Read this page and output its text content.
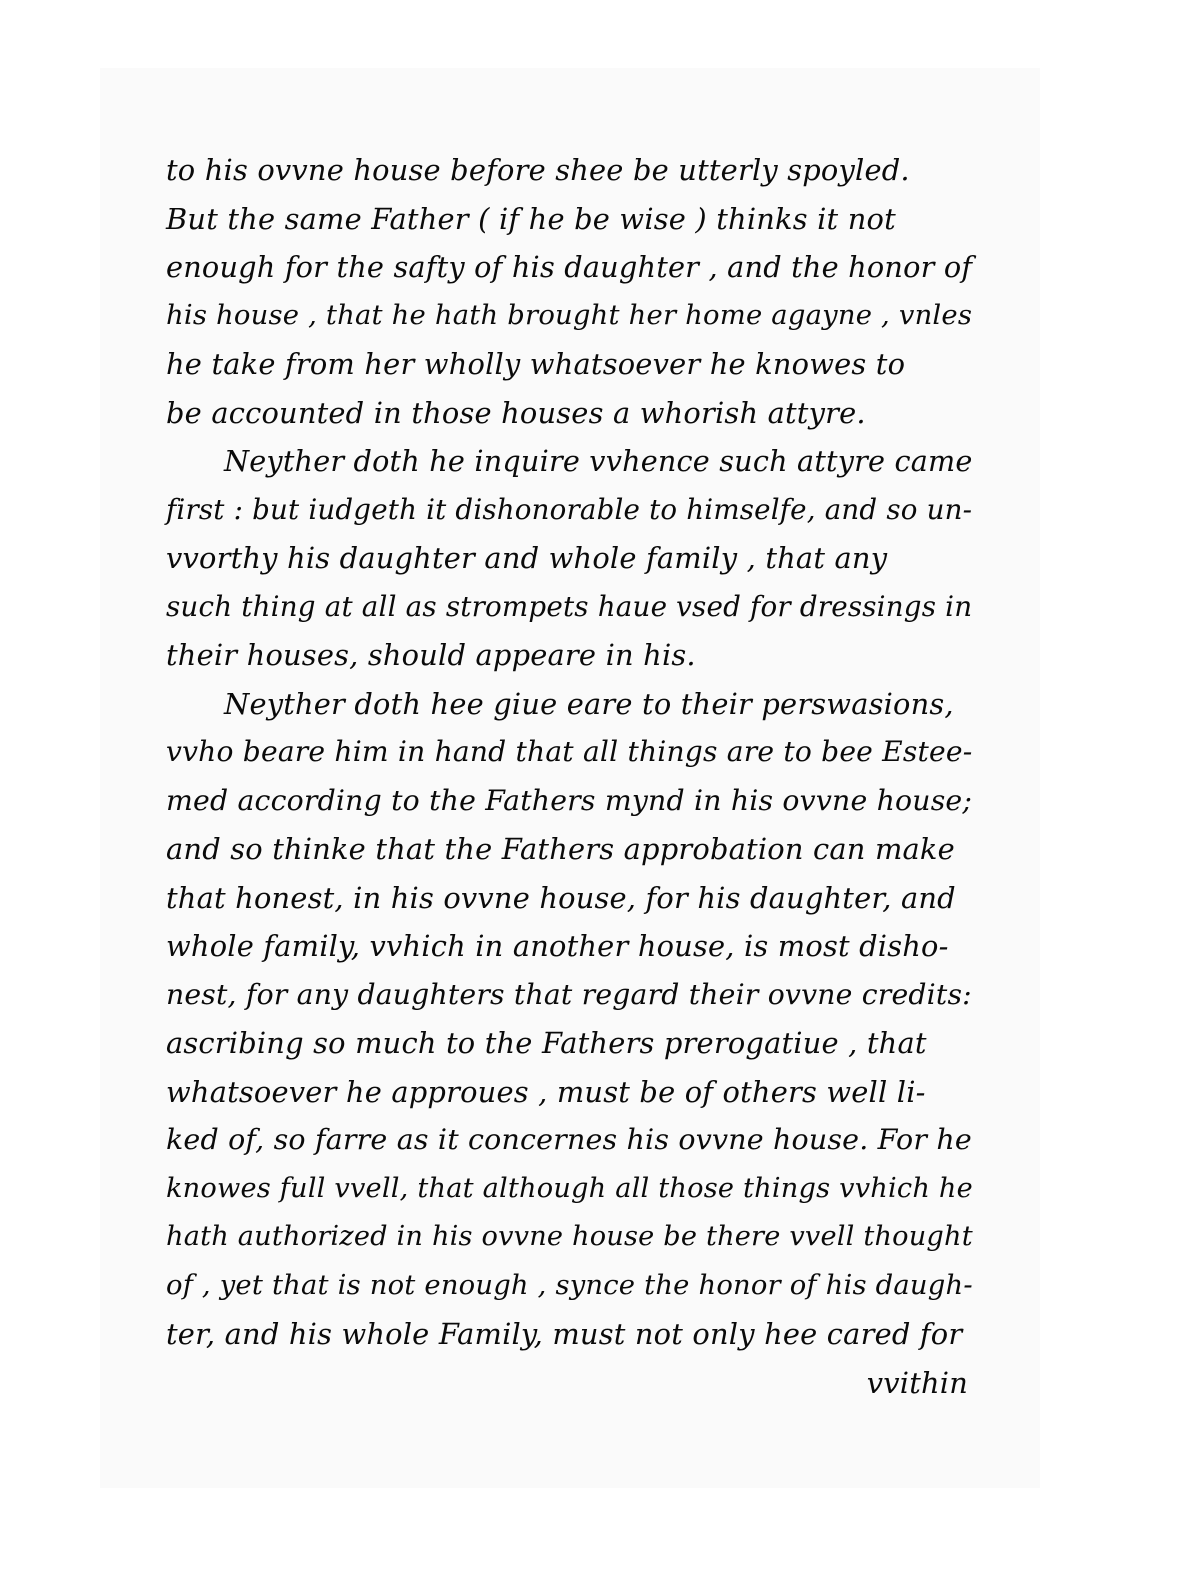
to his ovvne house before shee be utterly spoyled.
But the same Father ( if he be wise ) thinks it not
enough for the safty of his daughter , and the honor of
his house , that he hath brought her home agayne , vnles
he take from her wholly whatsoever he knowes to
be accounted in those houses a whorish attyre.
Neyther doth he inquire vvhence such attyre came
first : but iudgeth it dishonorable to himselfe, and so un-
vvorthy his daughter and whole family , that any
such thing at all as strompets haue vsed for dressings in
their houses, should appeare in his.
Neyther doth hee giue eare to their perswasions,
vvho beare him in hand that all things are to bee Estee-
med according to the Fathers mynd in his ovvne house;
and so thinke that the Fathers approbation can make
that honest, in his ovvne house, for his daughter, and
whole family, vvhich in another house, is most disho-
nest, for any daughters that regard their ovvne credits:
ascribing so much to the Fathers prerogatiue , that
whatsoever he approues , must be of others well li-
ked of, so farre as it concernes his ovvne house. For he
knowes full vvell, that although all those things vvhich he
hath authorized in his ovvne house be there vvell thought
of , yet that is not enough , synce the honor of his daugh-
ter, and his whole Family, must not only hee cared for
vvithin
